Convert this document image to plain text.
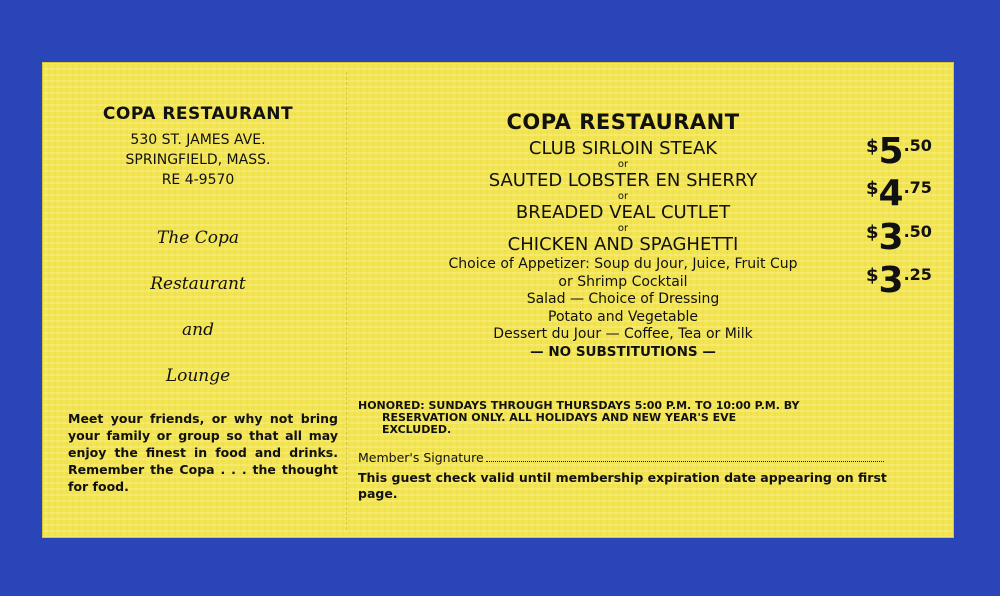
COPA RESTAURANT
530 ST. JAMES AVE.
SPRINGFIELD, MASS.
RE 4-9570
The Copa
Restaurant
and
Lounge
Meet your friends, or why not bring your family or group so that all may enjoy the finest in food and drinks. Remember the Copa . . . the thought for food.
COPA RESTAURANT
CLUB SIRLOIN STEAK
or
SAUTED LOBSTER EN SHERRY
or
BREADED VEAL CUTLET
or
CHICKEN AND SPAGHETTI
Choice of Appetizer: Soup du Jour, Juice, Fruit Cup
or Shrimp Cocktail
Salad — Choice of Dressing
Potato and Vegetable
Dessert du Jour — Coffee, Tea or Milk
— NO SUBSTITUTIONS —
HONORED: SUNDAYS THROUGH THURSDAYS 5:00 P.M. TO 10:00 P.M. BY
RESERVATION ONLY. ALL HOLIDAYS AND NEW YEAR'S EVE
EXCLUDED.
Member's Signature
This guest check valid until membership expiration date appearing on first page.
$5.50
$4.75
$3.50
$3.25
